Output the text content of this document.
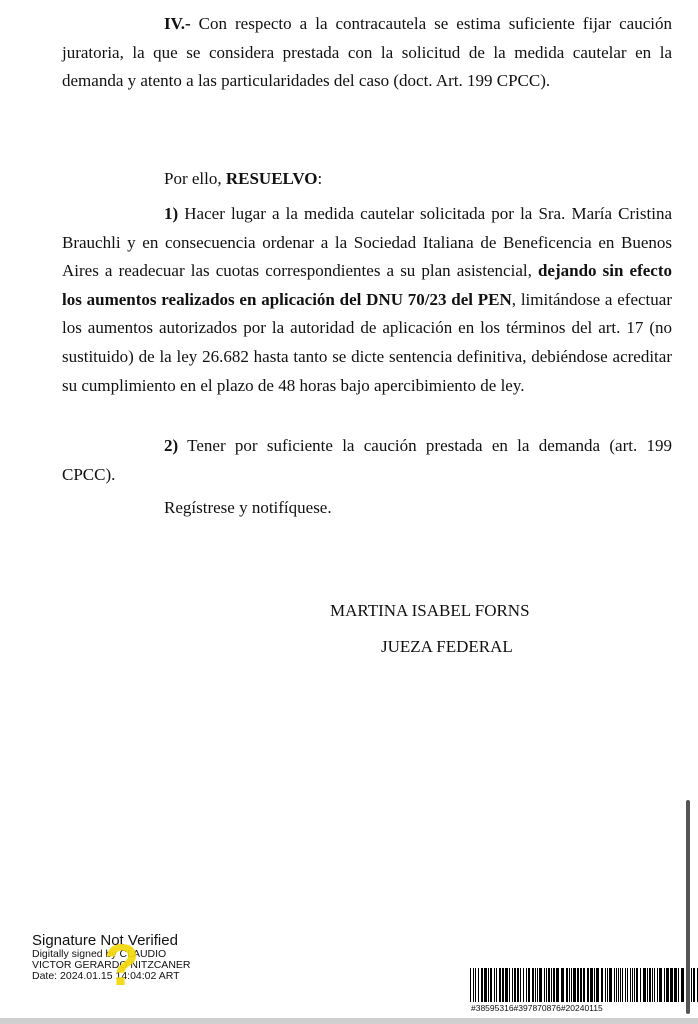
IV.- Con respecto a la contracautela se estima suficiente fijar caución juratoria, la que se considera prestada con la solicitud de la medida cautelar en la demanda y atento a las particularidades del caso (doct. Art. 199 CPCC).
Por ello, RESUELVO:
1) Hacer lugar a la medida cautelar solicitada por la Sra. María Cristina Brauchli y en consecuencia ordenar a la Sociedad Italiana de Beneficencia en Buenos Aires a readecuar las cuotas correspondientes a su plan asistencial, dejando sin efecto los aumentos realizados en aplicación del DNU 70/23 del PEN, limitándose a efectuar los aumentos autorizados por la autoridad de aplicación en los términos del art. 17 (no sustituido) de la ley 26.682 hasta tanto se dicte sentencia definitiva, debiéndose acreditar su cumplimiento en el plazo de 48 horas bajo apercibimiento de ley.
2) Tener por suficiente la caución prestada en la demanda (art. 199 CPCC).
Regístrese y notifíquese.
MARTINA ISABEL FORNS
JUEZA FEDERAL
Signature Not Verified
Digitally signed by CLAUDIO
VICTOR GERARDO NITZCANER
Date: 2024.01.15 14:04:02 ART
?
#38595316#397870876#20240115
